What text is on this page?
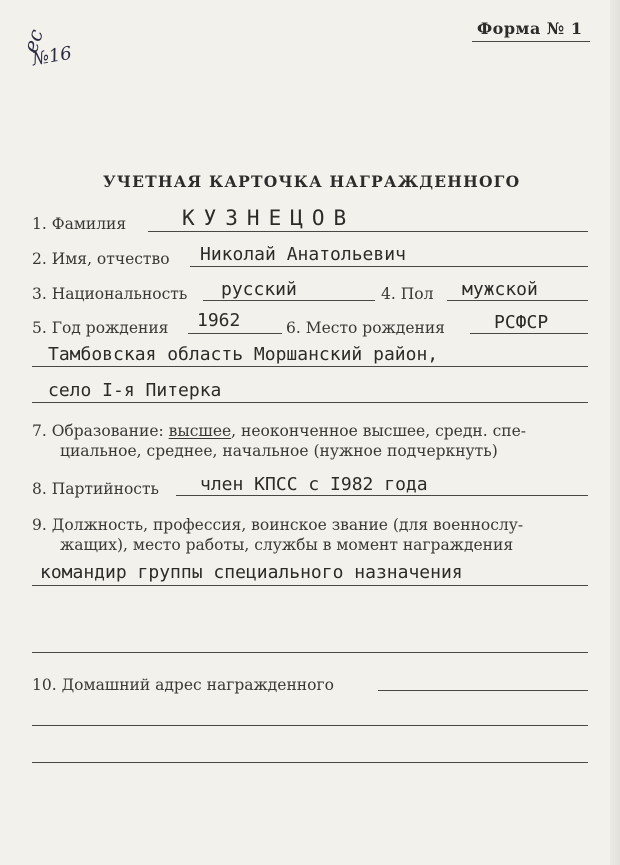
ec
№16
Форма № 1
УЧЕТНАЯ КАРТОЧКА НАГРАЖДЕННОГО
1. Фамилия	КУЗНЕЦОВ
2. Имя, отчество Николай Анатольевич
3. Национальность русский	4. Пол мужской
5. Год рождения 1962	6. Место рождения	РСФСР
Тамбовская область Моршанский район,
село I-я Питерка
7. Образование: высшее, неоконченное высшее, средн. спе-
циальное, среднее, начальное (нужное подчеркнуть)
8. Партийность член КПСС с I982 года
9. Должность, профессия, воинское звание (для военнослу-
жащих), место работы, службы в момент награждения
командир группы специального назначения
10. Домашний адрес награжденного
